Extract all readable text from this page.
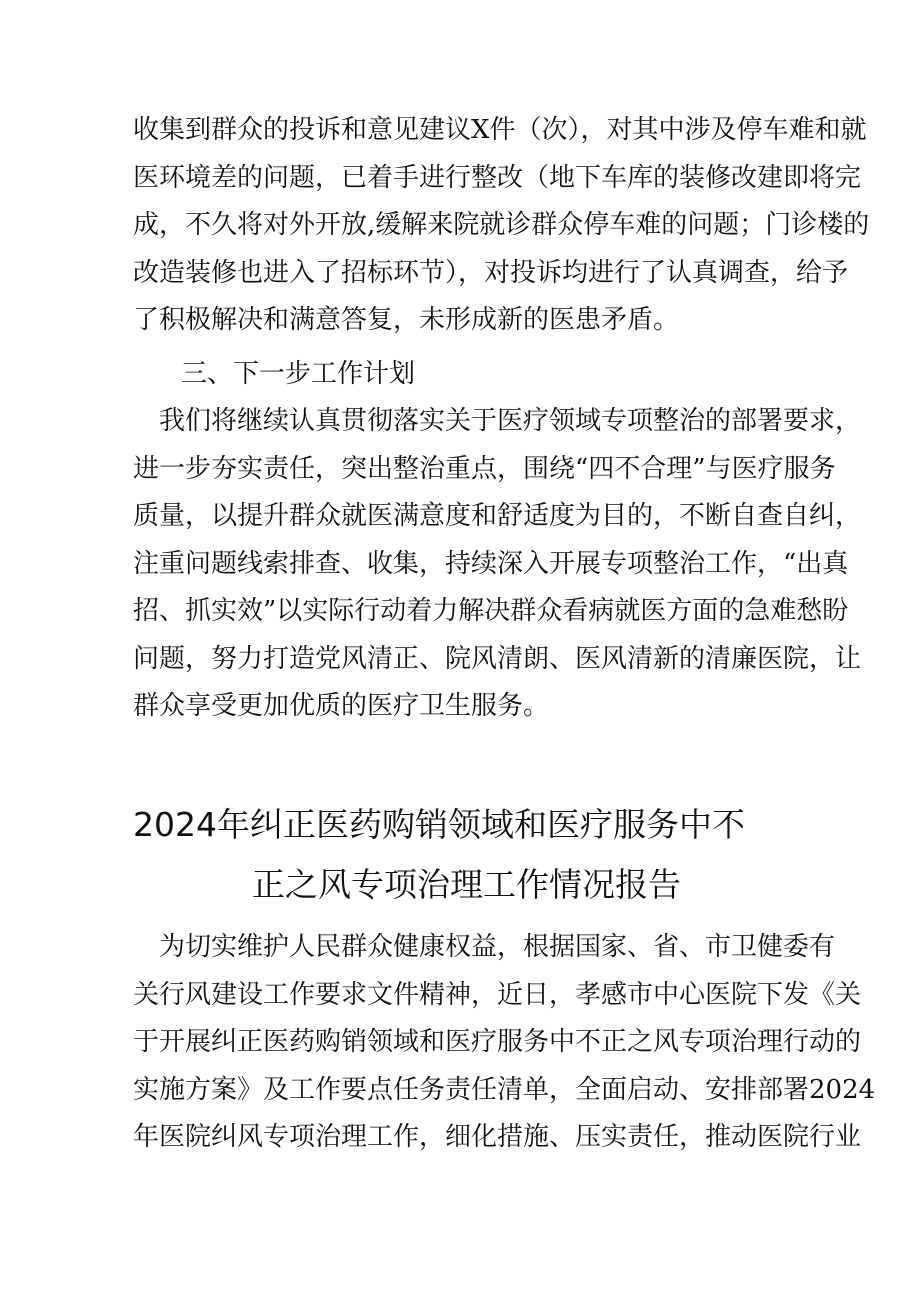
收集到群众的投诉和意见建议X件（次），对其中涉及停车难和就
医环境差的问题，已着手进行整改（地下车库的装修改建即将完
成，不久将对外开放,缓解来院就诊群众停车难的问题；门诊楼的
改造装修也进入了招标环节），对投诉均进行了认真调查，给予
了积极解决和满意答复，未形成新的医患矛盾。
三、下一步工作计划
　我们将继续认真贯彻落实关于医疗领域专项整治的部署要求，
进一步夯实责任，突出整治重点，围绕“四不合理”与医疗服务
质量，以提升群众就医满意度和舒适度为目的，不断自查自纠，
注重问题线索排查、收集，持续深入开展专项整治工作，“出真
招、抓实效”以实际行动着力解决群众看病就医方面的急难愁盼
问题，努力打造党风清正、院风清朗、医风清新的清廉医院，让
群众享受更加优质的医疗卫生服务。
2024年纠正医药购销领域和医疗服务中不
正之风专项治理工作情况报告
　为切实维护人民群众健康权益，根据国家、省、市卫健委有
关行风建设工作要求文件精神，近日，孝感市中心医院下发《关
于开展纠正医药购销领域和医疗服务中不正之风专项治理行动的
实施方案》及工作要点任务责任清单，全面启动、安排部署2024
年医院纠风专项治理工作，细化措施、压实责任，推动医院行业
